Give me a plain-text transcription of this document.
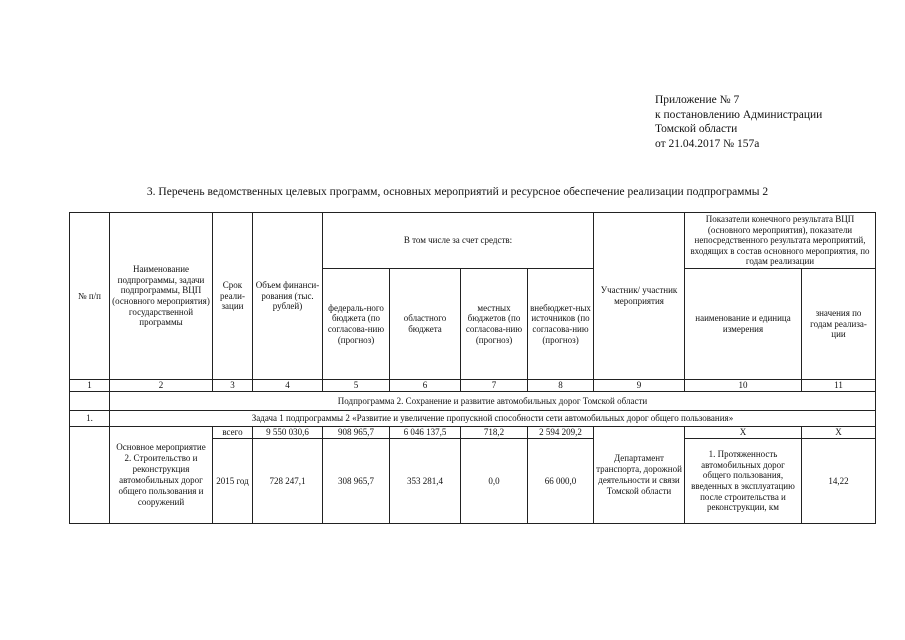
Приложение № 7
к постановлению Администрации
Томской области
от 21.04.2017 № 157а
3. Перечень ведомственных целевых программ, основных мероприятий и ресурсное обеспечение реализации подпрограммы 2
№ п/п	Наименование подпрограммы, задачи подпрограммы, ВЦП (основного мероприятия) государственной программы	Срок реали-зации	Объем финанси-рования (тыс. рублей)	В том числе за счет средств:				Участник/ участник мероприятия	Показатели конечного результата ВЦП (основного мероприятия), показатели непосредственного результата мероприятий, входящих в состав основного мероприятия, по годам реализации	
				федераль-ного бюджета (по согласова-нию (прогноз)	областного бюджета	местных бюджетов (по согласова-нию (прогноз)	внебюджет-ных источников (по согласова-нию (прогноз)		наименование и единица измерения	значения по годам реализа-ции
1	2	3	4	5	6	7	8	9	10	11
	Подпрограмма 2. Сохранение и развитие автомобильных дорог Томской области									
1.	Задача 1 подпрограммы 2 «Развитие и увеличение пропускной способности сети автомобильных дорог общего пользования»									
	Основное мероприятие 2. Строительство и реконструкция автомобильных дорог общего пользования и сооружений	всего	9 550 030,6	908 965,7	6 046 137,5	718,2	2 594 209,2	Департамент транспорта, дорожной деятельности и связи Томской области	Х	Х
		2015 год	728 247,1	308 965,7	353 281,4	0,0	66 000,0		1. Протяженность автомобильных дорог общего пользования, введенных в эксплуатацию после строительства и реконструкции, км	14,22
